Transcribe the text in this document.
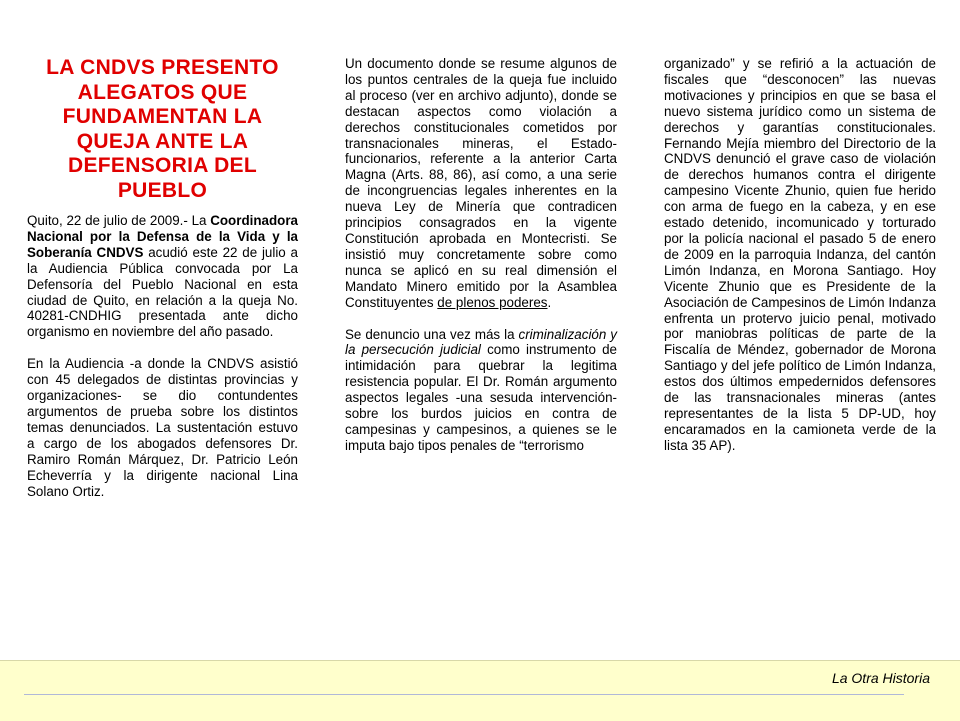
LA CNDVS PRESENTO ALEGATOS QUE FUNDAMENTAN LA QUEJA ANTE LA DEFENSORIA DEL PUEBLO

Quito, 22 de julio de 2009.- La Coordinadora Nacional por la Defensa de la Vida y la Soberanía CNDVS acudió este 22 de julio a la Audiencia Pública convocada por La Defensoría del Pueblo Nacional en esta ciudad de Quito, en relación a la queja No. 40281-CNDHIG presentada ante dicho organismo en noviembre del año pasado.

En la Audiencia -a donde la CNDVS asistió con 45 delegados de distintas provincias y organizaciones- se dio contundentes argumentos de prueba sobre los distintos temas denunciados. La sustentación estuvo a cargo de los abogados defensores Dr. Ramiro Román Márquez, Dr. Patricio León Echeverría y la dirigente nacional Lina Solano Ortiz.

Un documento donde se resume algunos de los puntos centrales de la queja fue incluido al proceso (ver en archivo adjunto), donde se destacan aspectos como violación a derechos constitucionales cometidos por transnacionales mineras, el Estado-funcionarios, referente a la anterior Carta Magna (Arts. 88, 86), así como, a una serie de incongruencias legales inherentes en la nueva Ley de Minería que contradicen principios consagrados en la vigente Constitución aprobada en Montecristi. Se insistió muy concretamente sobre como nunca se aplicó en su real dimensión el Mandato Minero emitido por la Asamblea Constituyentes de plenos poderes.

Se denuncio una vez más la criminalización y la persecución judicial como instrumento de intimidación para quebrar la legitima resistencia popular. El Dr. Román argumento aspectos legales -una sesuda intervención- sobre los burdos juicios en contra de campesinas y campesinos, a quienes se le imputa bajo tipos penales de “terrorismo

organizado” y se refirió a la actuación de fiscales que “desconocen” las nuevas motivaciones y principios en que se basa el nuevo sistema jurídico como un sistema de derechos y garantías constitucionales. Fernando Mejía miembro del Directorio de la CNDVS denunció el grave caso de violación de derechos humanos contra el dirigente campesino Vicente Zhunio, quien fue herido con arma de fuego en la cabeza, y en ese estado detenido, incomunicado y torturado por la policía nacional el pasado 5 de enero de 2009 en la parroquia Indanza, del cantón Limón Indanza, en Morona Santiago. Hoy Vicente Zhunio que es Presidente de la Asociación de Campesinos de Limón Indanza enfrenta un protervo juicio penal, motivado por maniobras políticas de parte de la Fiscalía de Méndez, gobernador de Morona Santiago y del jefe político de Limón Indanza, estos dos últimos empedernidos defensores de las transnacionales mineras (antes representantes de la lista 5 DP-UD, hoy encaramados en la camioneta verde de la lista 35 AP).

La Otra Historia
